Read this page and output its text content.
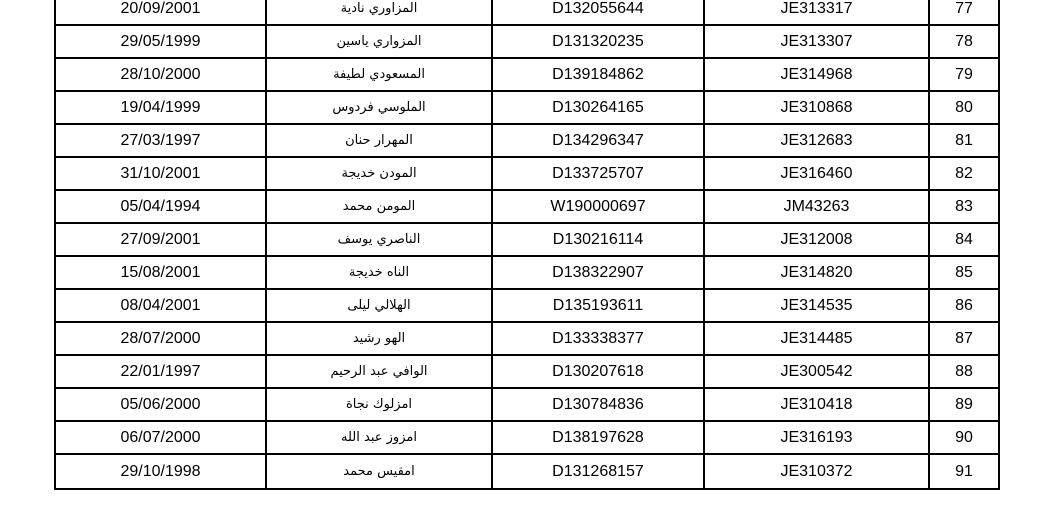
20/09/2001	المزاوري نادية	D132055644	JE313317	77
29/05/1999	المزواري ياسين	D131320235	JE313307	78
28/10/2000	المسعودي لطيفة	D139184862	JE314968	79
19/04/1999	الملوسي فردوس	D130264165	JE310868	80
27/03/1997	المهرار حنان	D134296347	JE312683	81
31/10/2001	المودن خديجة	D133725707	JE316460	82
05/04/1994	المومن محمد	W190000697	JM43263	83
27/09/2001	الناصري يوسف	D130216114	JE312008	84
15/08/2001	الناه خديجة	D138322907	JE314820	85
08/04/2001	الهلالي ليلى	D135193611	JE314535	86
28/07/2000	الهو رشيد	D133338377	JE314485	87
22/01/1997	الوافي عبد الرحيم	D130207618	JE300542	88
05/06/2000	امزلوك نجاة	D130784836	JE310418	89
06/07/2000	امزوز عبد الله	D138197628	JE316193	90
29/10/1998	امقيس محمد	D131268157	JE310372	91
